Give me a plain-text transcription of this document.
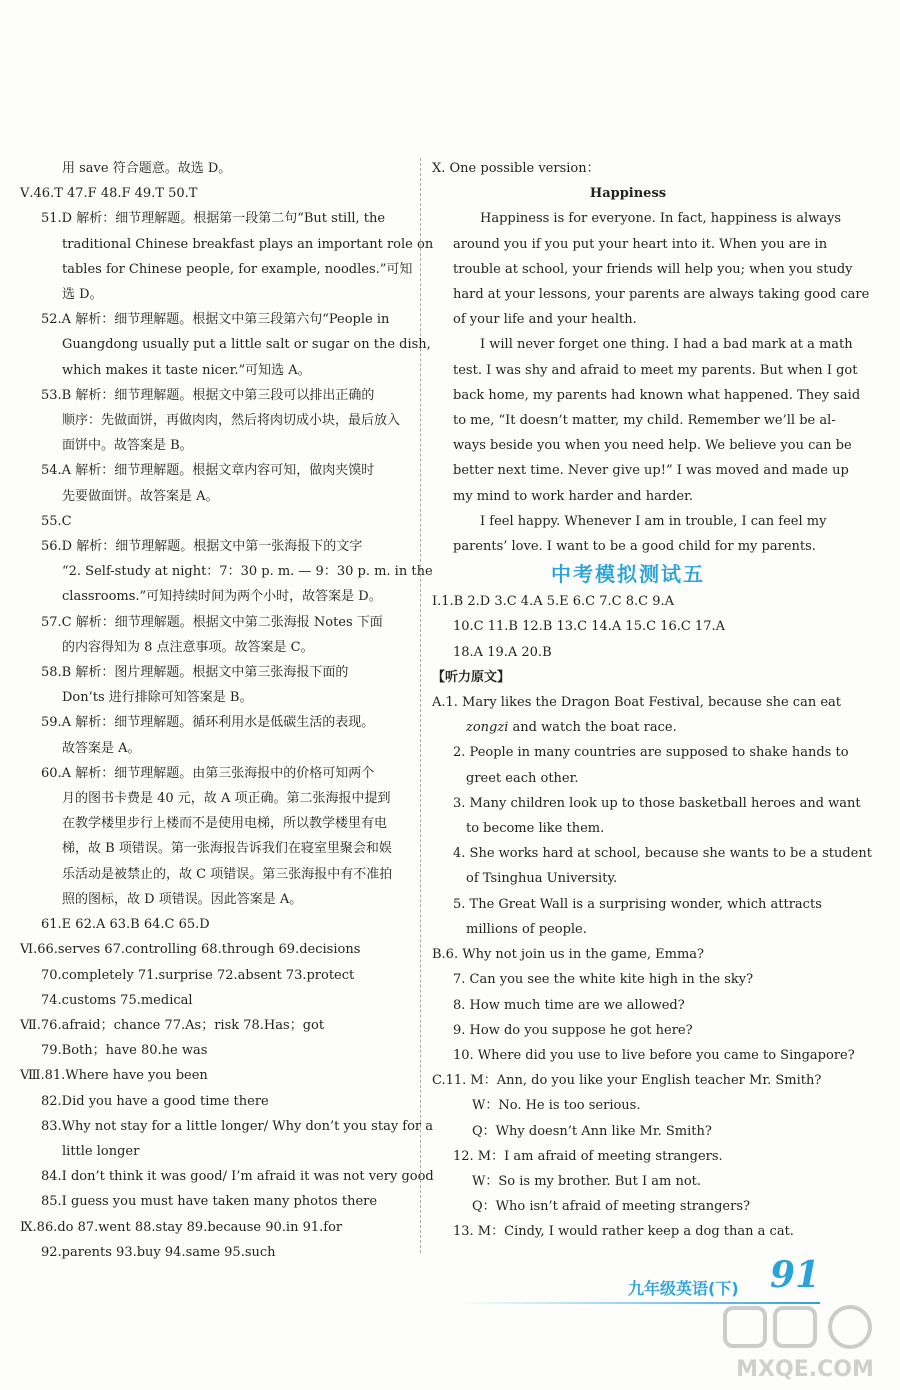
用 save 符合题意。故选 D。
Ⅴ.46.T 47.F 48.F 49.T 50.T
51.D 解析：细节理解题。根据第一段第二句“But still, the
traditional Chinese breakfast plays an important role on
tables for Chinese people, for example, noodles.”可知
选 D。
52.A 解析：细节理解题。根据文中第三段第六句“People in
Guangdong usually put a little salt or sugar on the dish,
which makes it taste nicer.”可知选 A。
53.B 解析：细节理解题。根据文中第三段可以排出正确的
顺序：先做面饼，再做肉肉，然后将肉切成小块，最后放入
面饼中。故答案是 B。
54.A 解析：细节理解题。根据文章内容可知，做肉夹馍时
先要做面饼。故答案是 A。
55.C
56.D 解析：细节理解题。根据文中第一张海报下的文字
“2. Self-study at night：7：30 p. m. — 9：30 p. m. in the
classrooms.”可知持续时间为两个小时，故答案是 D。
57.C 解析：细节理解题。根据文中第二张海报 Notes 下面
的内容得知为 8 点注意事项。故答案是 C。
58.B 解析：图片理解题。根据文中第三张海报下面的
Don’ts 进行排除可知答案是 B。
59.A 解析：细节理解题。循环利用水是低碳生活的表现。
故答案是 A。
60.A 解析：细节理解题。由第三张海报中的价格可知两个
月的图书卡费是 40 元，故 A 项正确。第二张海报中提到
在教学楼里步行上楼而不是使用电梯，所以教学楼里有电
梯，故 B 项错误。第一张海报告诉我们在寝室里聚会和娱
乐活动是被禁止的，故 C 项错误。第三张海报中有不准拍
照的图标，故 D 项错误。因此答案是 A。
61.E 62.A 63.B 64.C 65.D
Ⅵ.66.serves 67.controlling 68.through 69.decisions
70.completely 71.surprise 72.absent 73.protect
74.customs 75.medical
Ⅶ.76.afraid；chance 77.As；risk 78.Has；got
79.Both；have 80.he was
Ⅷ.81.Where have you been
82.Did you have a good time there
83.Why not stay for a little longer/ Why don’t you stay for a
little longer
84.I don’t think it was good/ I’m afraid it was not very good
85.I guess you must have taken many photos there
Ⅸ.86.do 87.went 88.stay 89.because 90.in 91.for
92.parents 93.buy 94.same 95.such
Ⅹ. One possible version：
Happiness
Happiness is for everyone. In fact, happiness is always
around you if you put your heart into it. When you are in
trouble at school, your friends will help you; when you study
hard at your lessons, your parents are always taking good care
of your life and your health.
I will never forget one thing. I had a bad mark at a math
test. I was shy and afraid to meet my parents. But when I got
back home, my parents had known what happened. They said
to me, “It doesn’t matter, my child. Remember we’ll be al-
ways beside you when you need help. We believe you can be
better next time. Never give up!” I was moved and made up
my mind to work harder and harder.
I feel happy. Whenever I am in trouble, I can feel my
parents’ love. I want to be a good child for my parents.
中考模拟测试五
Ⅰ.1.B 2.D 3.C 4.A 5.E 6.C 7.C 8.C 9.A
10.C 11.B 12.B 13.C 14.A 15.C 16.C 17.A
18.A 19.A 20.B
【听力原文】
A.1. Mary likes the Dragon Boat Festival, because she can eat
zongzi and watch the boat race.
2. People in many countries are supposed to shake hands to
greet each other.
3. Many children look up to those basketball heroes and want
to become like them.
4. She works hard at school, because she wants to be a student
of Tsinghua University.
5. The Great Wall is a surprising wonder, which attracts
millions of people.
B.6. Why not join us in the game, Emma?
7. Can you see the white kite high in the sky?
8. How much time are we allowed?
9. How do you suppose he got here?
10. Where did you use to live before you came to Singapore?
C.11. M：Ann, do you like your English teacher Mr. Smith?
W：No. He is too serious.
Q：Why doesn’t Ann like Mr. Smith?
12. M：I am afraid of meeting strangers.
W：So is my brother. But I am not.
Q：Who isn’t afraid of meeting strangers?
13. M：Cindy, I would rather keep a dog than a cat.
九年级英语(下) 91
MXQE.COM
